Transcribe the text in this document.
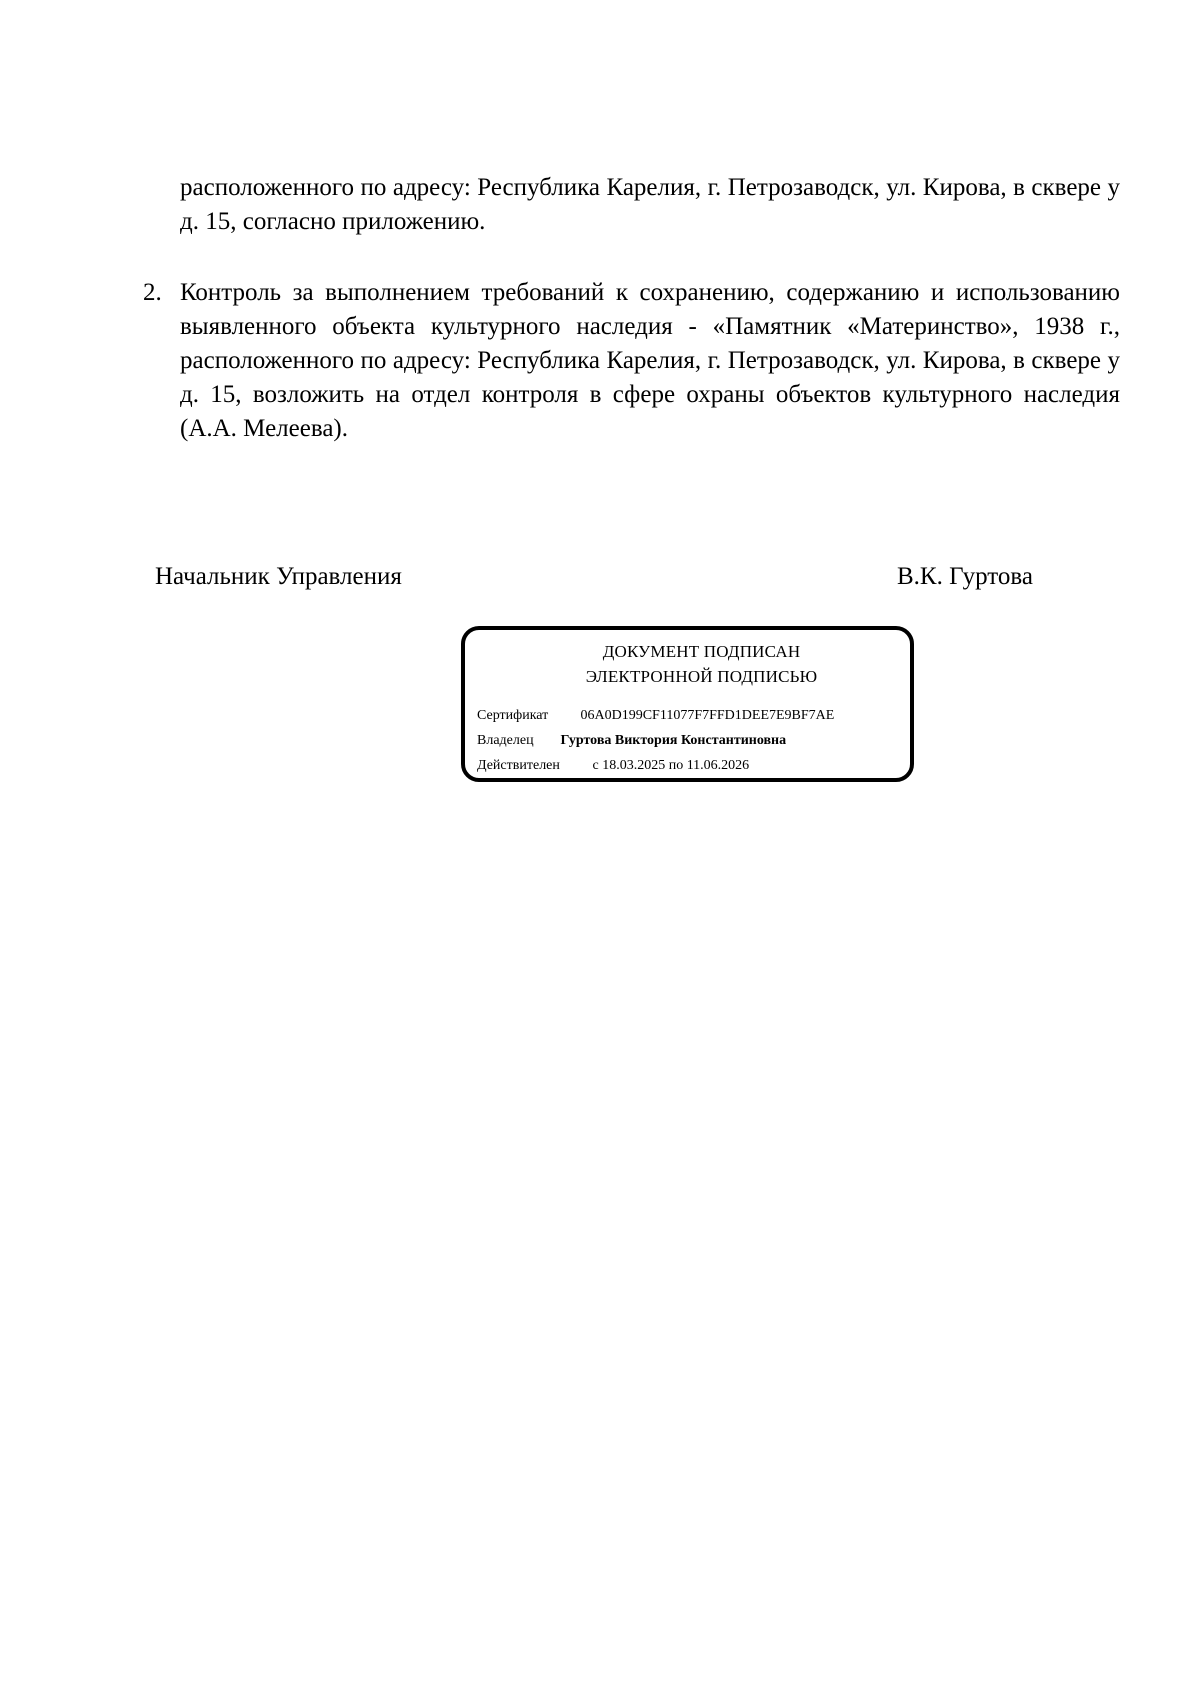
расположенного по адресу: Республика Карелия, г. Петрозаводск, ул. Кирова, в сквере у д. 15, согласно приложению.
2. Контроль за выполнением требований к сохранению, содержанию и использованию выявленного объекта культурного наследия - «Памятник «Материнство», 1938 г., расположенного по адресу: Республика Карелия, г. Петрозаводск, ул. Кирова, в сквере у д. 15, возложить на отдел контроля в сфере охраны объектов культурного наследия (А.А. Мелеева).
Начальник Управления	В.К. Гуртова
ДОКУМЕНТ ПОДПИСАН
ЭЛЕКТРОННОЙ ПОДПИСЬЮ
Сертификат 06A0D199CF11077F7FFD1DEE7E9BF7AE
Владелец Гуртова Виктория Константиновна
Действителен с 18.03.2025 по 11.06.2026
